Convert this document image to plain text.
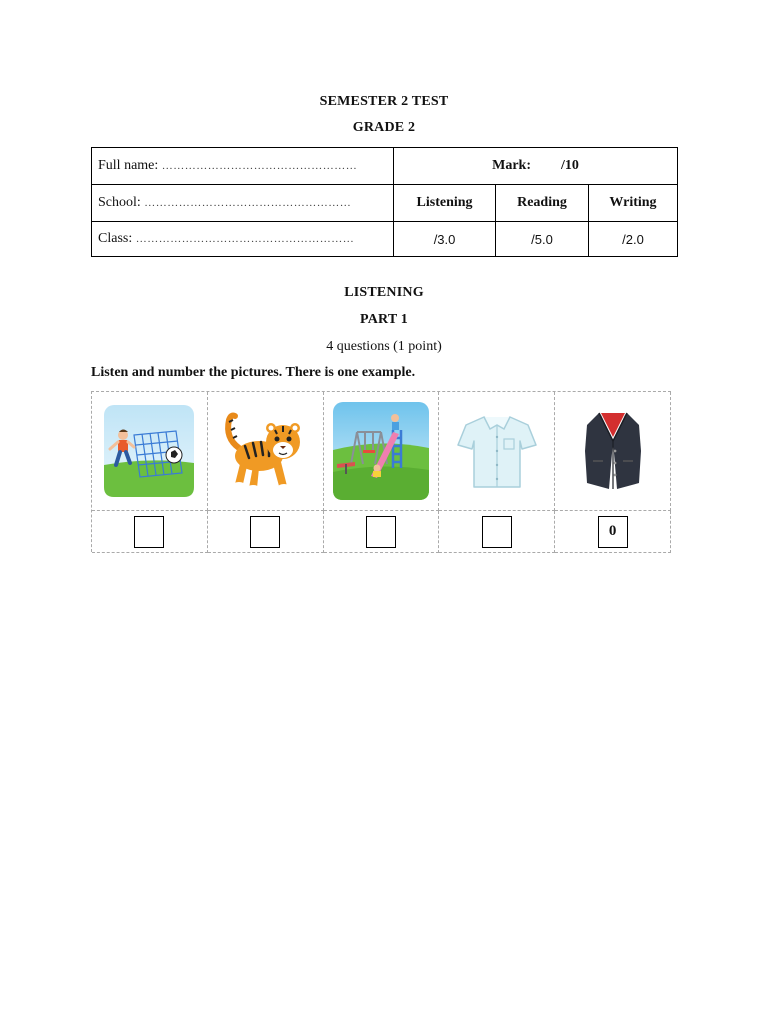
SEMESTER 2 TEST
GRADE 2
Full name: ……………………………………………	Mark: /10		

School: ………………………………………………	Listening	Reading	Writing

Class: …………………………………………………	/3.0	/5.0	/2.0
LISTENING
PART 1
4 questions (1 point)
Listen and number the pictures. There is one example.
0
